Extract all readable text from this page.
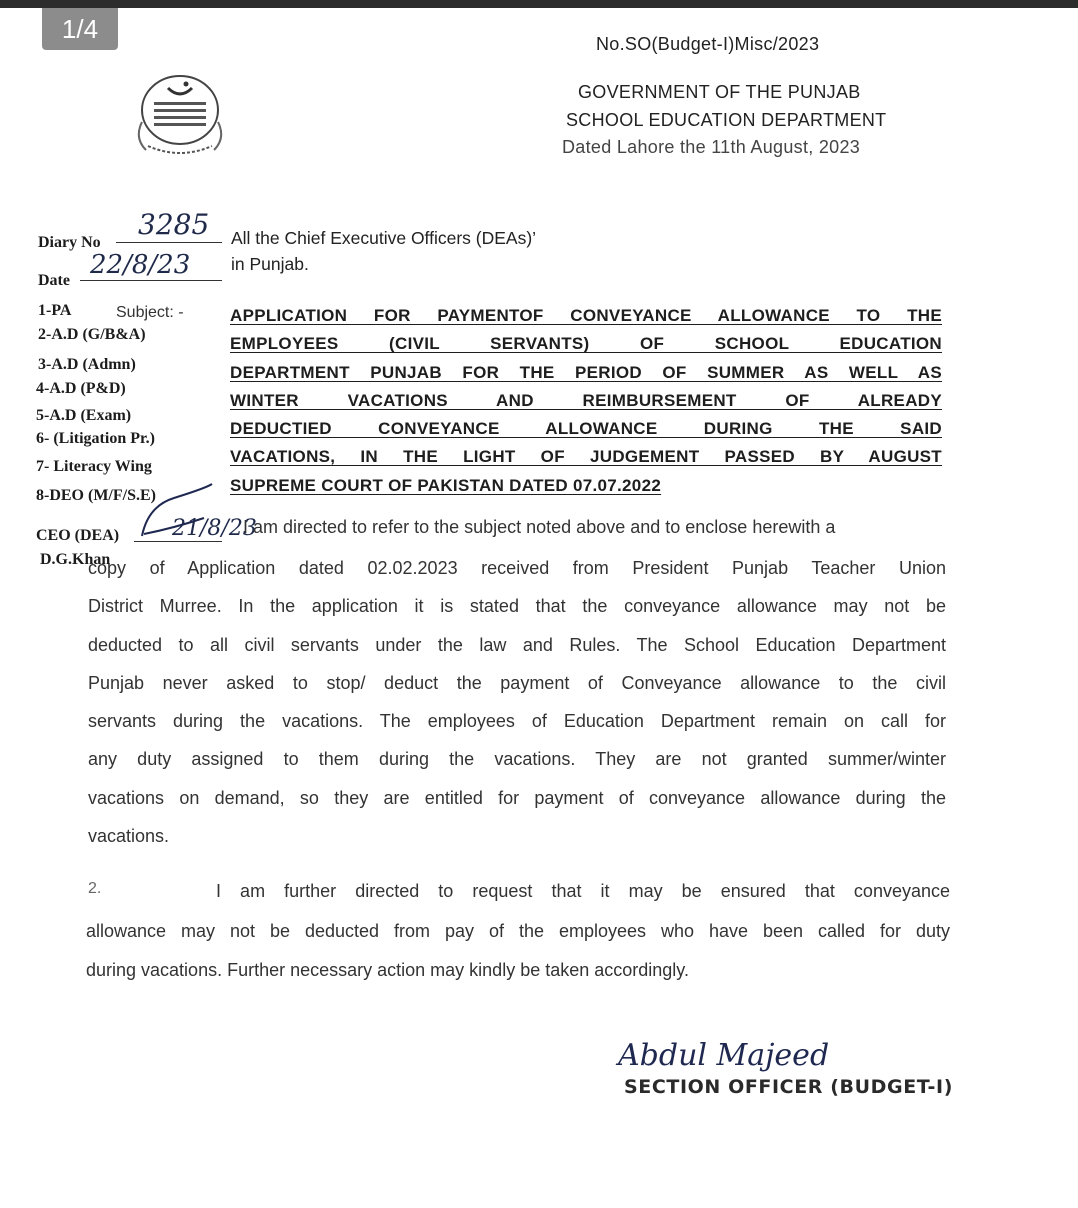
1/4	No.SO(Budget-I)Misc/2023
GOVERNMENT OF THE PUNJAB
SCHOOL EDUCATION DEPARTMENT
Dated Lahore the 11th August, 2023
Diary No
3285
Date
22/8/23
All the Chief Executive Officers (DEAs)’
in Punjab.
1-PA
2-A.D (G/B&A)
3-A.D (Admn)
4-A.D (P&D)
5-A.D (Exam)
6- (Litigation Pr.)
7- Literacy Wing
8-DEO (M/F/S.E)
CEO (DEA)
D.G.Khan
21/8/23
Subject: -	APPLICATION FOR PAYMENTOF CONVEYANCE ALLOWANCE TO THE
EMPLOYEES (CIVIL SERVANTS) OF SCHOOL EDUCATION
DEPARTMENT PUNJAB FOR THE PERIOD OF SUMMER AS WELL AS
WINTER VACATIONS AND REIMBURSEMENT OF ALREADY
DEDUCTIED CONVEYANCE ALLOWANCE DURING THE SAID
VACATIONS, IN THE LIGHT OF JUDGEMENT PASSED BY AUGUST
SUPREME COURT OF PAKISTAN DATED 07.07.2022
I am directed to refer to the subject noted above and to enclose herewith a
copy of Application dated 02.02.2023 received from President Punjab Teacher Union
District Murree. In the application it is stated that the conveyance allowance may not be
deducted to all civil servants under the law and Rules. The School Education Department
Punjab never asked to stop/ deduct the payment of Conveyance allowance to the civil
servants during the vacations. The employees of Education Department remain on call for
any duty assigned to them during the vacations. They are not granted summer/winter
vacations on demand, so they are entitled for payment of conveyance allowance during the
vacations.
2.	I am further directed to request that it may be ensured that conveyance
allowance may not be deducted from pay of the employees who have been called for duty
during vacations. Further necessary action may kindly be taken accordingly.
Abdul Majeed
SECTION OFFICER (BUDGET-I)
